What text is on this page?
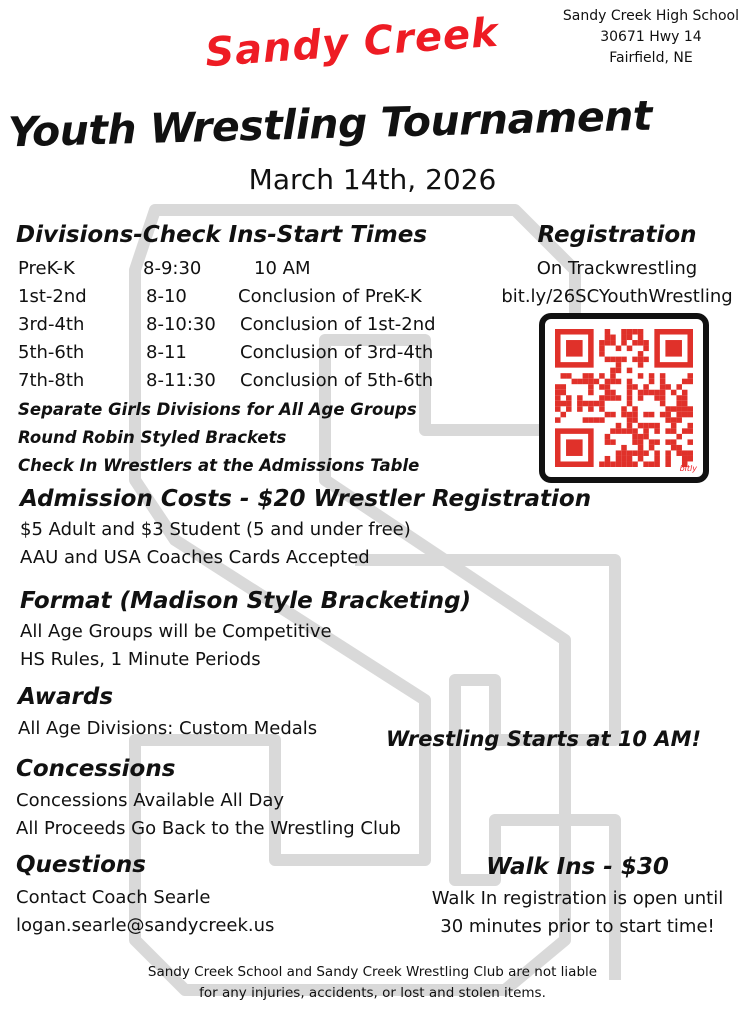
Sandy Creek High School
30671 Hwy 14
Fairfield, NE
Sandy Creek
Youth Wrestling Tournament
March 14th, 2026
Divisions-Check Ins-Start Times
PreK-K	8-9:30	10 AM
1st-2nd	8-10	Conclusion of PreK-K
3rd-4th	8-10:30 Conclusion of 1st-2nd
5th-6th	8-11	Conclusion of 3rd-4th
7th-8th	8-11:30 Conclusion of 5th-6th
Separate Girls Divisions for All Age Groups
Round Robin Styled Brackets
Check In Wrestlers at the Admissions Table
Registration
On Trackwrestling
bit.ly/26SCYouthWrestling
bitly
Admission Costs - $20 Wrestler Registration
$5 Adult and $3 Student (5 and under free)
AAU and USA Coaches Cards Accepted
Format (Madison Style Bracketing)
All Age Groups will be Competitive
HS Rules, 1 Minute Periods
Awards
All Age Divisions: Custom Medals	Wrestling Starts at 10 AM!
Concessions
Concessions Available All Day
All Proceeds Go Back to the Wrestling Club
Questions
Contact Coach Searle
logan.searle@sandycreek.us
Walk Ins - $30
Walk In registration is open until
30 minutes prior to start time!
Sandy Creek School and Sandy Creek Wrestling Club are not liable
for any injuries, accidents, or lost and stolen items.
